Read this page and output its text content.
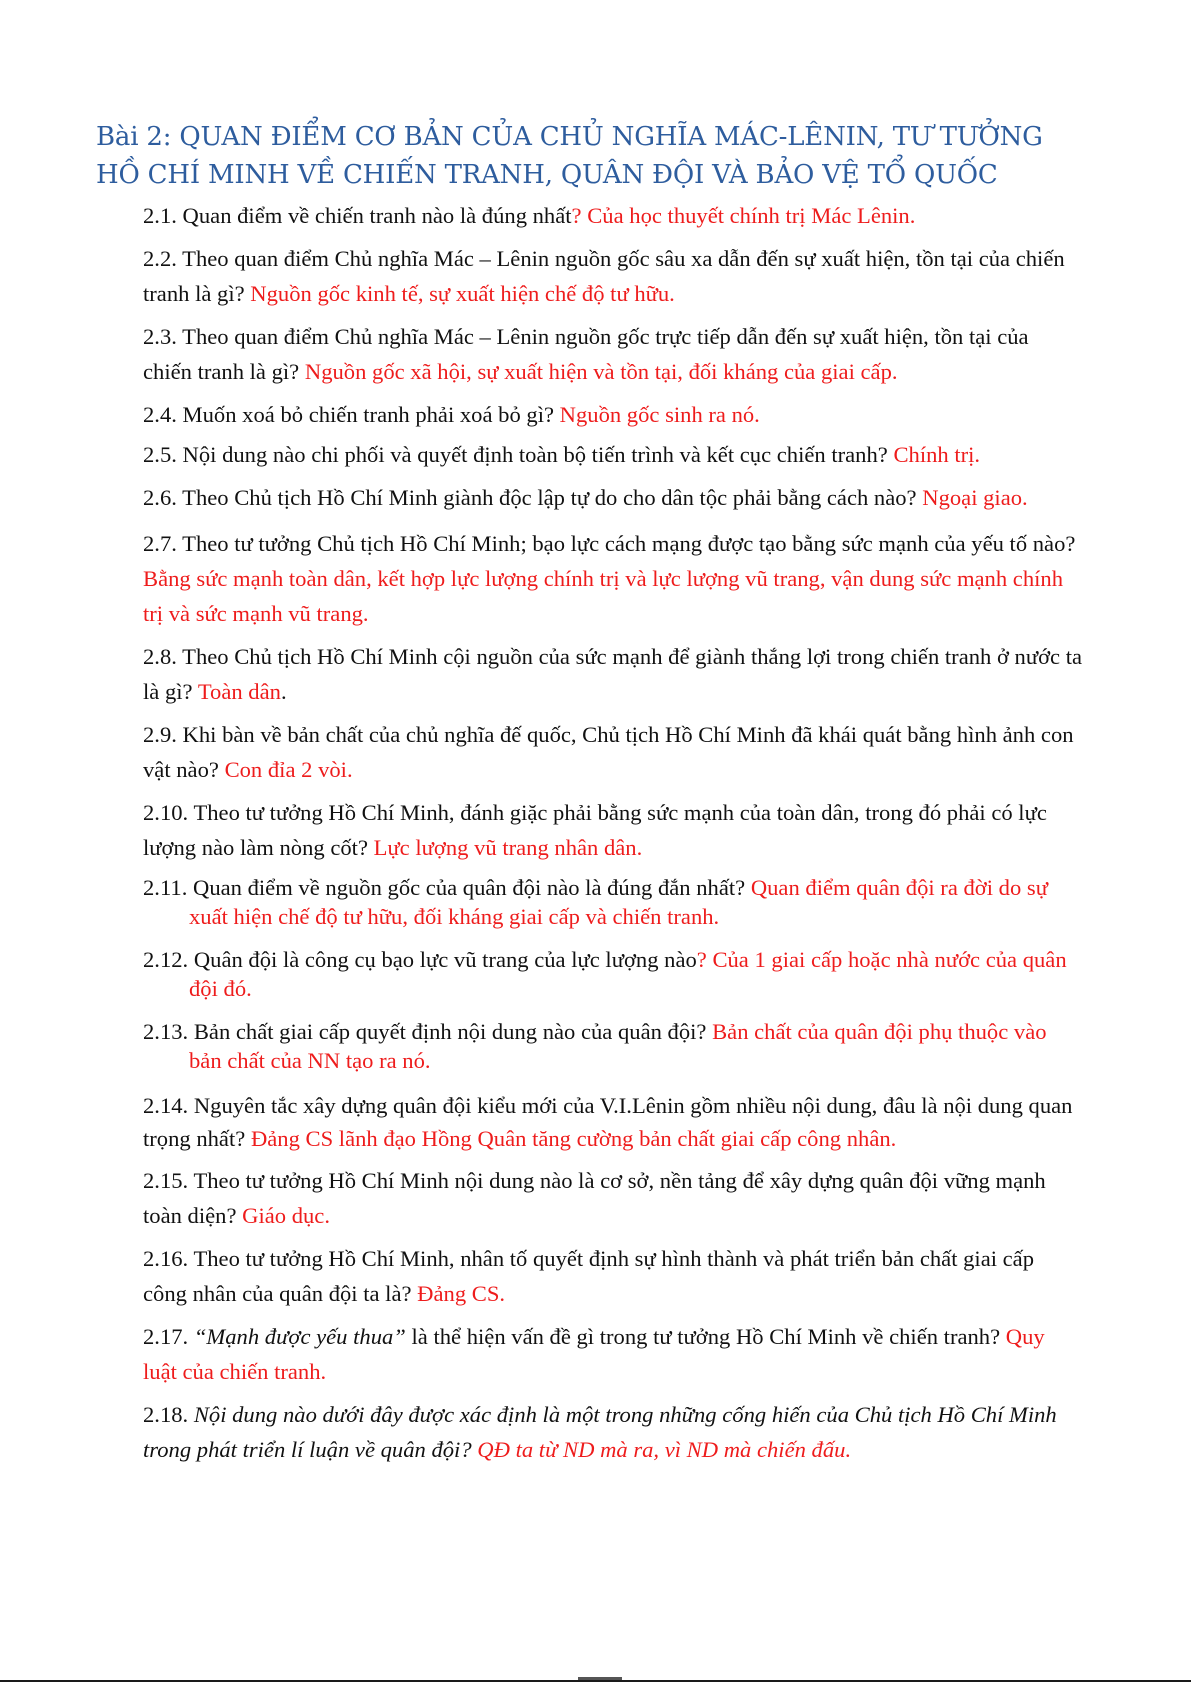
Bài 2: QUAN ĐIỂM CƠ BẢN CỦA CHỦ NGHĨA MÁC-LÊNIN, TƯ TƯỞNG HỒ CHÍ MINH VỀ CHIẾN TRANH, QUÂN ĐỘI VÀ BẢO VỆ TỔ QUỐC
2.1. Quan điểm về chiến tranh nào là đúng nhất? Của học thuyết chính trị Mác Lênin.
2.2. Theo quan điểm Chủ nghĩa Mác – Lênin nguồn gốc sâu xa dẫn đến sự xuất hiện, tồn tại của chiến tranh là gì? Nguồn gốc kinh tế, sự xuất hiện chế độ tư hữu.
2.3. Theo quan điểm Chủ nghĩa Mác – Lênin nguồn gốc trực tiếp dẫn đến sự xuất hiện, tồn tại của chiến tranh là gì? Nguồn gốc xã hội, sự xuất hiện và tồn tại, đối kháng của giai cấp.
2.4. Muốn xoá bỏ chiến tranh phải xoá bỏ gì? Nguồn gốc sinh ra nó.
2.5. Nội dung nào chi phối và quyết định toàn bộ tiến trình và kết cục chiến tranh? Chính trị.
2.6. Theo Chủ tịch Hồ Chí Minh giành độc lập tự do cho dân tộc phải bằng cách nào? Ngoại giao.
2.7. Theo tư tưởng Chủ tịch Hồ Chí Minh; bạo lực cách mạng được tạo bằng sức mạnh của yếu tố nào? Bằng sức mạnh toàn dân, kết hợp lực lượng chính trị và lực lượng vũ trang, vận dung sức mạnh chính trị và sức mạnh vũ trang.
2.8. Theo Chủ tịch Hồ Chí Minh cội nguồn của sức mạnh để giành thắng lợi trong chiến tranh ở nước ta là gì? Toàn dân.
2.9. Khi bàn về bản chất của chủ nghĩa đế quốc, Chủ tịch Hồ Chí Minh đã khái quát bằng hình ảnh con vật nào? Con đỉa 2 vòi.
2.10. Theo tư tưởng Hồ Chí Minh, đánh giặc phải bằng sức mạnh của toàn dân, trong đó phải có lực lượng nào làm nòng cốt? Lực lượng vũ trang nhân dân.
2.11. Quan điểm về nguồn gốc của quân đội nào là đúng đắn nhất? Quan điểm quân đội ra đời do sự xuất hiện chế độ tư hữu, đối kháng giai cấp và chiến tranh.
2.12. Quân đội là công cụ bạo lực vũ trang của lực lượng nào? Của 1 giai cấp hoặc nhà nước của quân đội đó.
2.13. Bản chất giai cấp quyết định nội dung nào của quân đội? Bản chất của quân đội phụ thuộc vào bản chất của NN tạo ra nó.
2.14. Nguyên tắc xây dựng quân đội kiểu mới của V.I.Lênin gồm nhiều nội dung, đâu là nội dung quan trọng nhất? Đảng CS lãnh đạo Hồng Quân tăng cường bản chất giai cấp công nhân.
2.15. Theo tư tưởng Hồ Chí Minh nội dung nào là cơ sở, nền tảng để xây dựng quân đội vững mạnh toàn diện? Giáo dục.
2.16. Theo tư tưởng Hồ Chí Minh, nhân tố quyết định sự hình thành và phát triển bản chất giai cấp công nhân của quân đội ta là? Đảng CS.
2.17. “Mạnh được yếu thua” là thể hiện vấn đề gì trong tư tưởng Hồ Chí Minh về chiến tranh? Quy luật của chiến tranh.
2.18. Nội dung nào dưới đây được xác định là một trong những cống hiến của Chủ tịch Hồ Chí Minh trong phát triển lí luận về quân đội? QĐ ta từ ND mà ra, vì ND mà chiến đấu.
